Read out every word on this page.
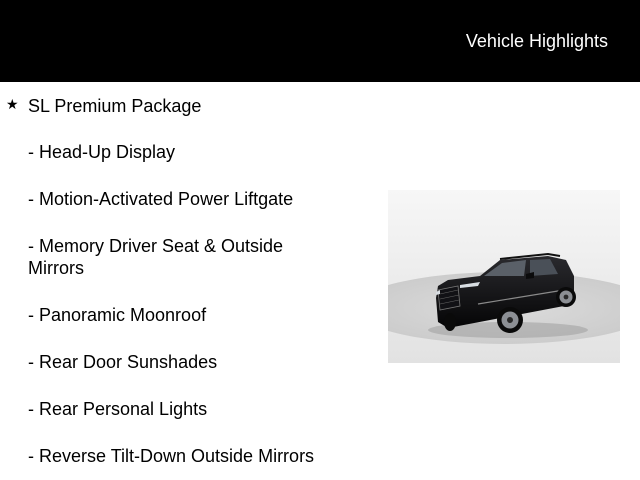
Vehicle Highlights
★ SL Premium Package
- Head-Up Display
- Motion-Activated Power Liftgate
- Memory Driver Seat & Outside Mirrors
- Panoramic Moonroof
- Rear Door Sunshades
- Rear Personal Lights
- Reverse Tilt-Down Outside Mirrors
